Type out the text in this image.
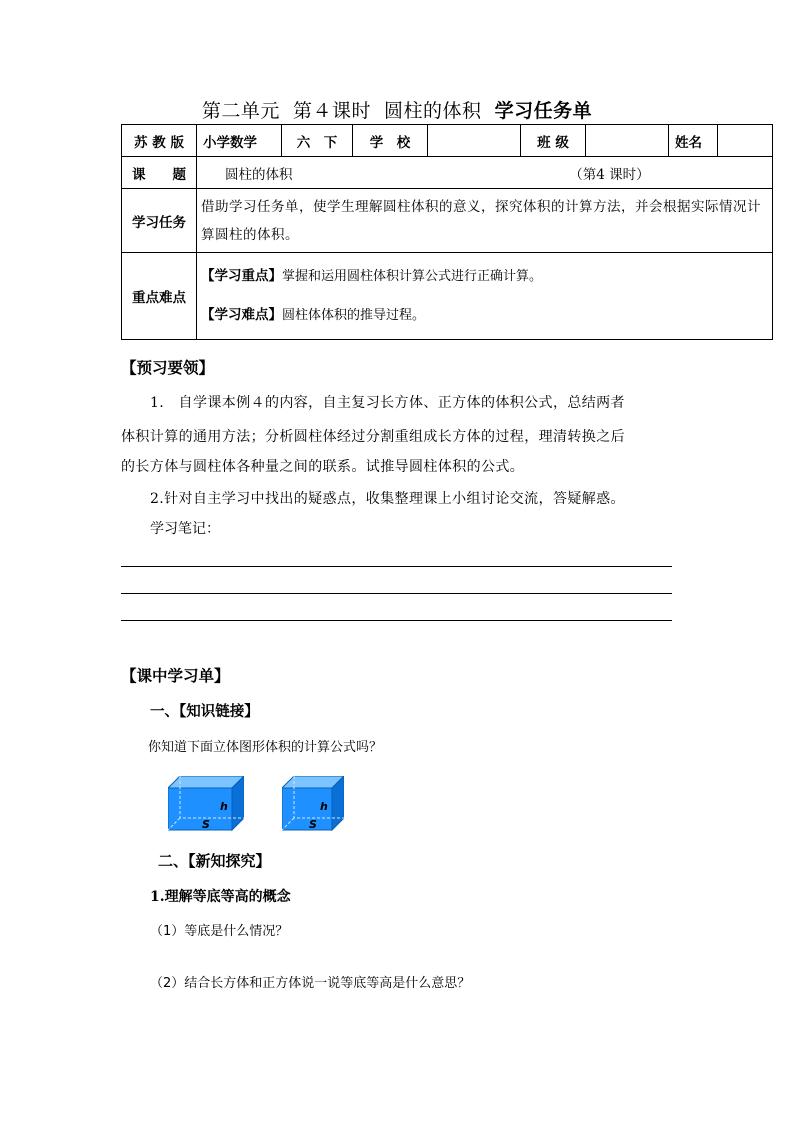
第二单元 第４课时 圆柱的体积 学习任务单
苏 教 版	小学数学	六　下	学　校		班 级		姓名	
课　　题	圆柱的体积 （第4 课时）							
学习任务	借助学习任务单，使学生理解圆柱体积的意义，探究体积的计算方法，并会根据实际情况计算圆柱的体积。							
重点难点	【学习重点】掌握和运用圆柱体积计算公式进行正确计算。
【学习难点】圆柱体体积的推导过程。							
【预习要领】
1.　自学课本例４的内容，自主复习长方体、正方体的体积公式，总结两者
体积计算的通用方法；分析圆柱体经过分割重组成长方体的过程，理清转换之后
的长方体与圆柱体各种量之间的联系。试推导圆柱体积的公式。
2.针对自主学习中找出的疑惑点，收集整理课上小组讨论交流，答疑解惑。
学习笔记：
【课中学习单】
一、【知识链接】
你知道下面立体图形体积的计算公式吗？
h
S
h
S
二、【新知探究】
1.理解等底等高的概念
（1）等底是什么情况？
（2）结合长方体和正方体说一说等底等高是什么意思？
